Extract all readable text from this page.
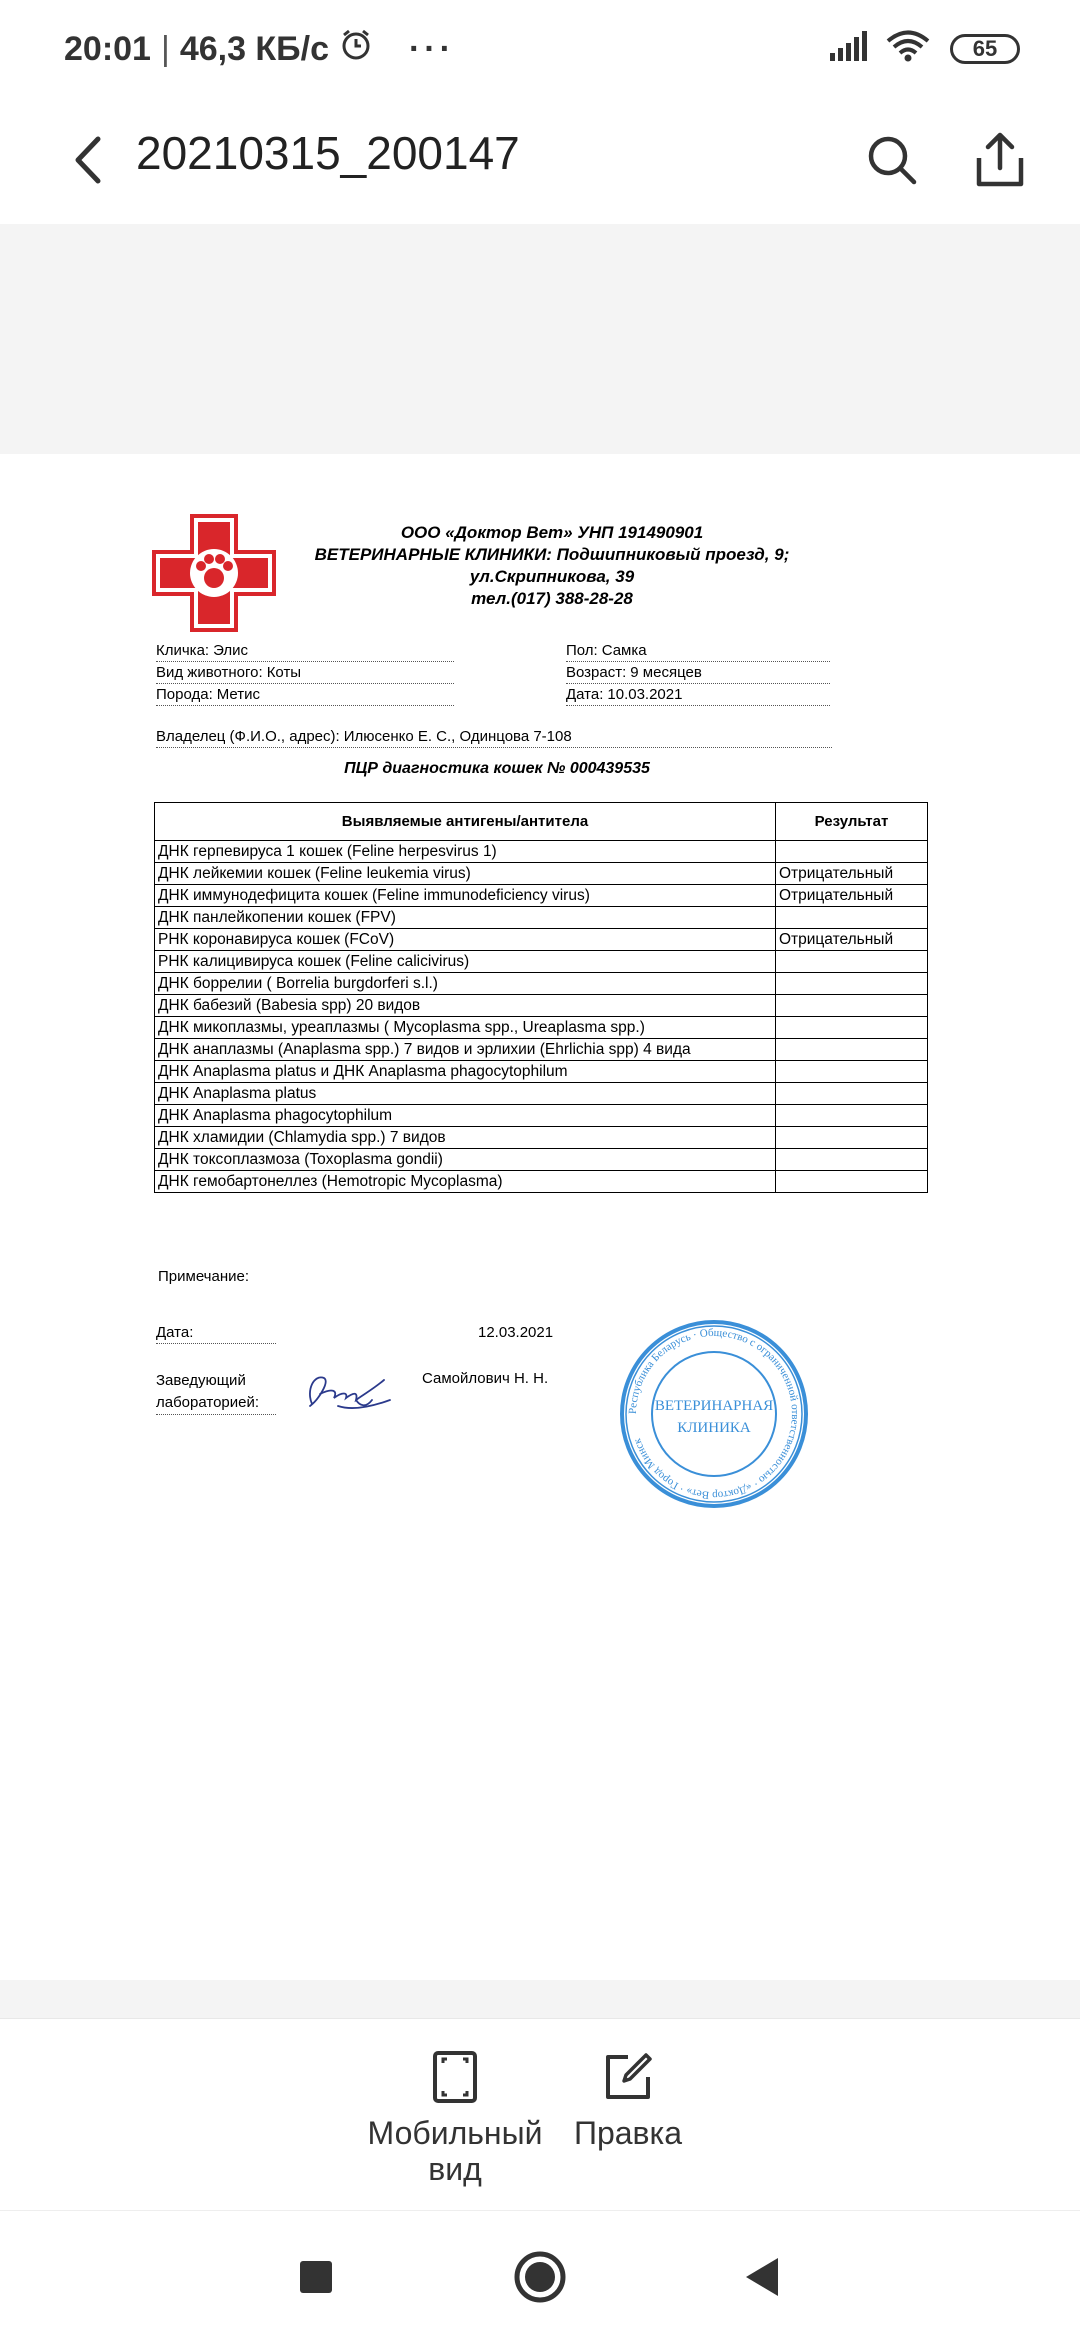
20:01 | 46,3 КБ/с ···	65
20210315_200147
ООО «Доктор Вет» УНП 191490901
ВЕТЕРИНАРНЫЕ КЛИНИКИ: Подшипниковый проезд, 9;
ул.Скрипникова, 39
тел.(017) 388-28-28
Кличка: Элис
Вид животного: Коты
Порода: Метис
Пол: Самка
Возраст: 9 месяцев
Дата: 10.03.2021
Владелец (Ф.И.О., адрес): Илюсенко Е. С., Одинцова 7-108
ПЦР диагностика кошек № 000439535
Выявляемые антигены/антитела	Результат
ДНК герпевируса 1 кошек (Feline herpesvirus 1)	
ДНК лейкемии кошек (Feline leukemia virus)	Отрицательный
ДНК иммунодефицита кошек (Feline immunodeficiency virus)	Отрицательный
ДНК панлейкопении кошек (FPV)	
РНК коронавируса кошек (FCoV)	Отрицательный
РНК калицивируса кошек (Feline calicivirus)	
ДНК боррелии ( Borrelia burgdorferi s.l.)	
ДНК бабезий (Babesia spp) 20 видов	
ДНК микоплазмы, уреаплазмы ( Mycoplasma spp., Ureaplasma spp.)	
ДНК анаплазмы (Anaplasma spp.) 7 видов и эрлихии (Ehrlichia spp) 4 вида	
ДНК Anaplasma platus и ДНК Anaplasma phagocytophilum	
ДНК Anaplasma platus	
ДНК Anaplasma phagocytophilum	
ДНК хламидии (Chlamydia spp.) 7 видов	
ДНК токсоплазмоза (Toxoplasma gondii)	
ДНК гемобартонеллез (Hemotropic Mycoplasma)	
Примечание:
Дата:	12.03.2021
Заведующий
лабораторией:
Самойлович Н. Н.
Республика Беларусь · Общество с ограниченной ответственностью · «Доктор Вет» · Город Минск
ВЕТЕРИНАРНАЯ
КЛИНИКА
Мобильный
вид
Правка
